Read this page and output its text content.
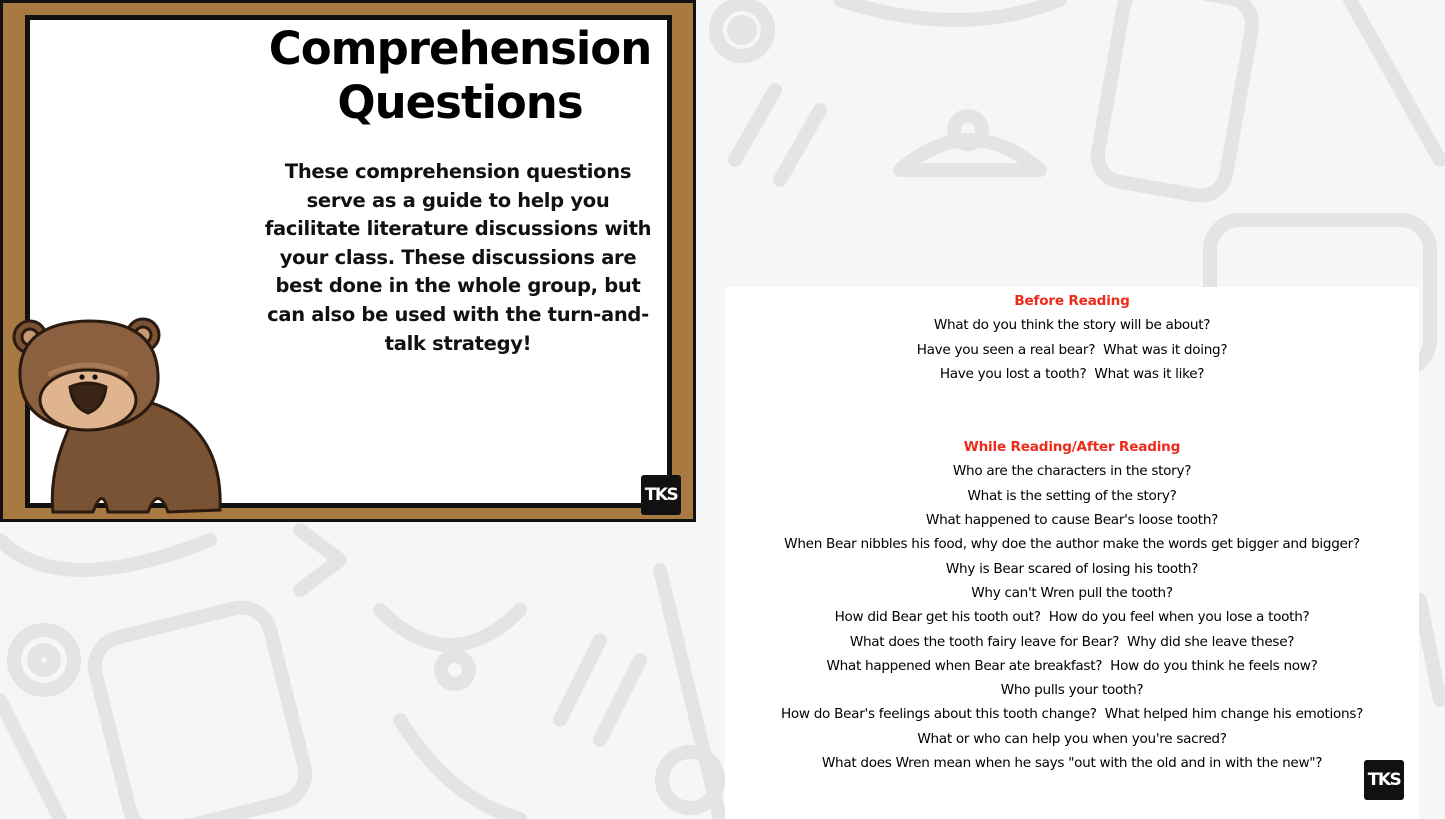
Comprehension Questions

These comprehension questions serve as a guide to help you facilitate literature discussions with your class. These discussions are best done in the whole group, but can also be used with the turn-and-talk strategy!

TKS
Before Reading
What do you think the story will be about?
Have you seen a real bear?  What was it doing?
Have you lost a tooth?  What was it like?
While Reading/After Reading
Who are the characters in the story?
What is the setting of the story?
What happened to cause Bear's loose tooth?
When Bear nibbles his food, why doe the author make the words get bigger and bigger?
Why is Bear scared of losing his tooth?
Why can't Wren pull the tooth?
How did Bear get his tooth out?  How do you feel when you lose a tooth?
What does the tooth fairy leave for Bear?  Why did she leave these?
What happened when Bear ate breakfast?  How do you think he feels now?
Who pulls your tooth?
How do Bear's feelings about this tooth change?  What helped him change his emotions?
What or who can help you when you're sacred?
What does Wren mean when he says "out with the old and in with the new"?
TKS
